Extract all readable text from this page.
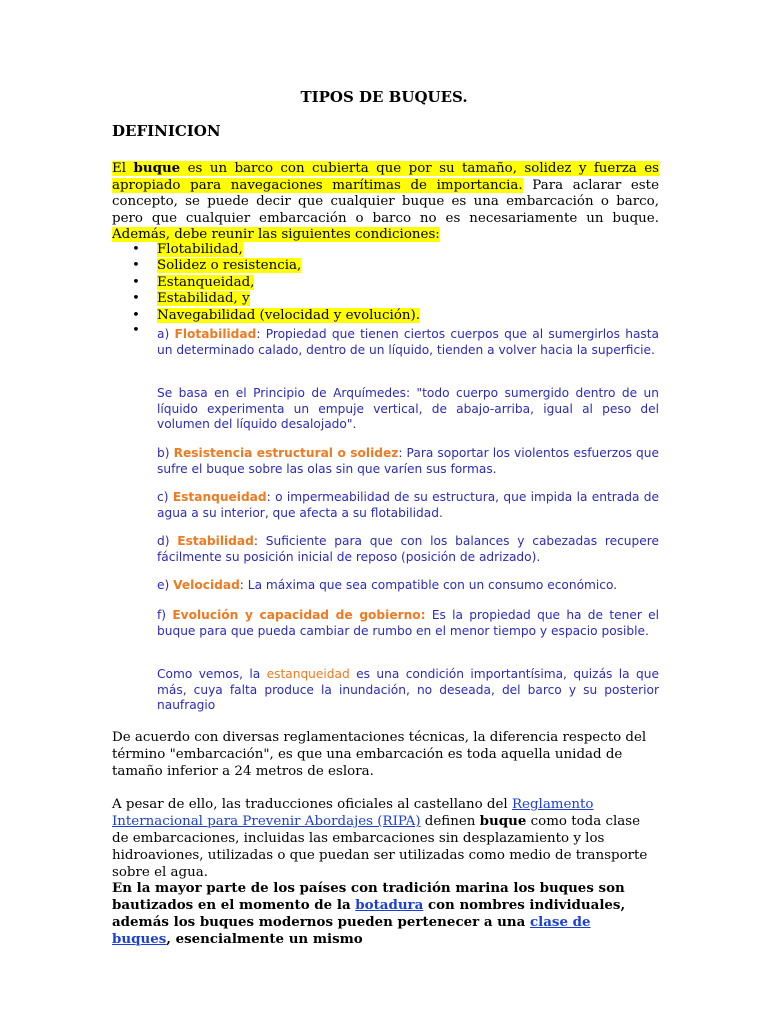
TIPOS DE BUQUES.
DEFINICION
El buque es un barco con cubierta que por su tamaño, solidez y fuerza es apropiado para navegaciones marítimas de importancia. Para aclarar este concepto, se puede decir que cualquier buque es una embarcación o barco, pero que cualquier embarcación o barco no es necesariamente un buque. Además, debe reunir las siguientes condiciones:
• Flotabilidad,
• Solidez o resistencia,
• Estanqueidad,
• Estabilidad, y
• Navegabilidad (velocidad y evolución).
• a) Flotabilidad: Propiedad que tienen ciertos cuerpos que al sumergirlos hasta un determinado calado, dentro de un líquido, tienden a volver hacia la superficie.
Se basa en el Principio de Arquímedes: "todo cuerpo sumergido dentro de un líquido experimenta un empuje vertical, de abajo-arriba, igual al peso del volumen del líquido desalojado".
b) Resistencia estructural o solidez: Para soportar los violentos esfuerzos que sufre el buque sobre las olas sin que varíen sus formas.
c) Estanqueidad: o impermeabilidad de su estructura, que impida la entrada de agua a su interior, que afecta a su flotabilidad.
d) Estabilidad: Suficiente para que con los balances y cabezadas recupere fácilmente su posición inicial de reposo (posición de adrizado).
e) Velocidad: La máxima que sea compatible con un consumo económico.
f) Evolución y capacidad de gobierno: Es la propiedad que ha de tener el buque para que pueda cambiar de rumbo en el menor tiempo y espacio posible.
Como vemos, la estanqueidad es una condición importantísima, quizás la que más, cuya falta produce la inundación, no deseada, del barco y su posterior naufragio
De acuerdo con diversas reglamentaciones técnicas, la diferencia respecto del término "embarcación", es que una embarcación es toda aquella unidad de tamaño inferior a 24 metros de eslora.
A pesar de ello, las traducciones oficiales al castellano del Reglamento Internacional para Prevenir Abordajes (RIPA) definen buque como toda clase de embarcaciones, incluidas las embarcaciones sin desplazamiento y los hidroaviones, utilizadas o que puedan ser utilizadas como medio de transporte sobre el agua.
En la mayor parte de los países con tradición marina los buques son bautizados en el momento de la botadura con nombres individuales, además los buques modernos pueden pertenecer a una clase de buques, esencialmente un mismo
